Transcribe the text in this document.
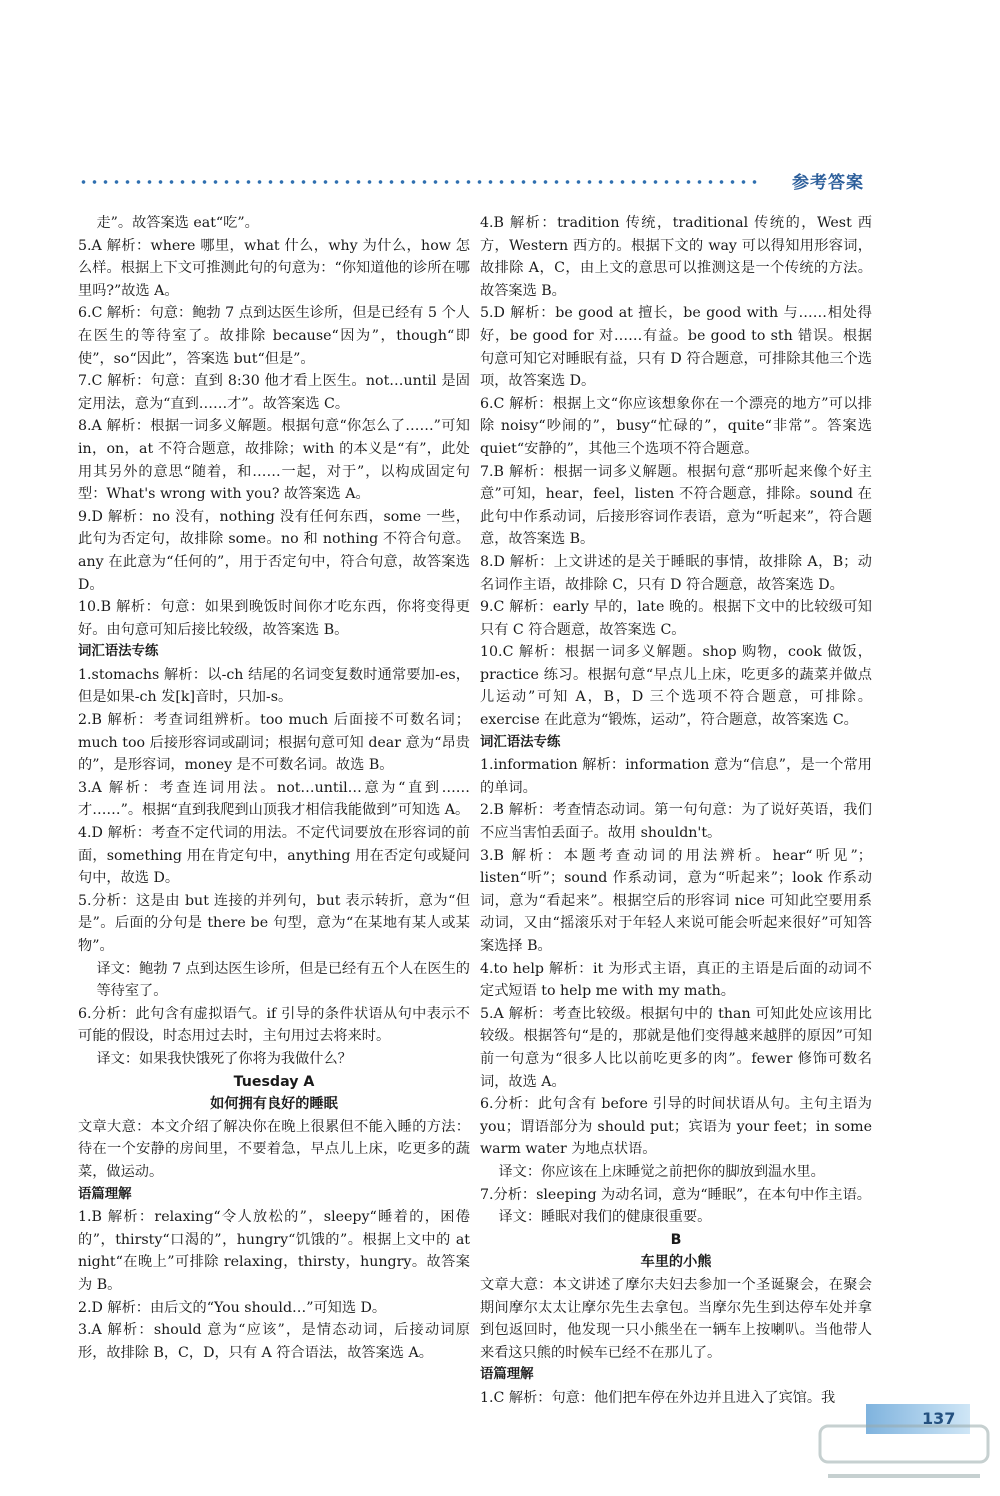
参考答案

走”。故答案选 eat“吃”。

5.A 解析：where 哪里，what 什么，why 为什么，how 怎么样。根据上下文可推测此句的句意为：“你知道他的诊所在哪里吗?”故选 A。

6.C 解析：句意：鲍勃 7 点到达医生诊所，但是已经有 5 个人在医生的等待室了。故排除 because“因为”，though“即使”，so“因此”，答案选 but“但是”。

7.C 解析：句意：直到 8:30 他才看上医生。not…until 是固定用法，意为“直到……才”。故答案选 C。

8.A 解析：根据一词多义解题。根据句意“你怎么了……”可知 in，on，at 不符合题意，故排除；with 的本义是“有”，此处用其另外的意思“随着，和……一起，对于”，以构成固定句型：What's wrong with you? 故答案选 A。

9.D 解析：no 没有，nothing 没有任何东西，some 一些，此句为否定句，故排除 some。no 和 nothing 不符合句意。any 在此意为“任何的”，用于否定句中，符合句意，故答案选 D。

10.B 解析：句意：如果到晚饭时间你才吃东西，你将变得更好。由句意可知后接比较级，故答案选 B。

词汇语法专练

1.stomachs 解析：以-ch 结尾的名词变复数时通常要加-es，但是如果-ch 发[k]音时，只加-s。

2.B 解析：考查词组辨析。too much 后面接不可数名词；much too 后接形容词或副词；根据句意可知 dear 意为“昂贵的”，是形容词，money 是不可数名词。故选 B。

3.A 解析：考查连词用法。not…until…意为“直到……才……”。根据“直到我爬到山顶我才相信我能做到”可知选 A。

4.D 解析：考查不定代词的用法。不定代词要放在形容词的前面，something 用在肯定句中，anything 用在否定句或疑问句中，故选 D。

5.分析：这是由 but 连接的并列句，but 表示转折，意为“但是”。后面的分句是 there be 句型，意为“在某地有某人或某物”。

译文：鲍勃 7 点到达医生诊所，但是已经有五个人在医生的等待室了。

6.分析：此句含有虚拟语气。if 引导的条件状语从句中表示不可能的假设，时态用过去时，主句用过去将来时。

译文：如果我快饿死了你将为我做什么？

Tuesday A

如何拥有良好的睡眠

文章大意：本文介绍了解决你在晚上很累但不能入睡的方法：待在一个安静的房间里，不要着急，早点儿上床，吃更多的蔬菜，做运动。

语篇理解

1.B 解析：relaxing“令人放松的”，sleepy“睡着的，困倦的”，thirsty“口渴的”，hungry“饥饿的”。根据上文中的 at night“在晚上”可排除 relaxing，thirsty，hungry。故答案为 B。

2.D 解析：由后文的“You should…”可知选 D。

3.A 解析：should 意为“应该”，是情态动词，后接动词原形，故排除 B，C，D，只有 A 符合语法，故答案选 A。

4.B 解析：tradition 传统，traditional 传统的，West 西方，Western 西方的。根据下文的 way 可以得知用形容词，故排除 A，C，由上文的意思可以推测这是一个传统的方法。故答案选 B。

5.D 解析：be good at 擅长，be good with 与……相处得好，be good for 对……有益。be good to sth 错误。根据句意可知它对睡眠有益，只有 D 符合题意，可排除其他三个选项，故答案选 D。

6.C 解析：根据上文“你应该想象你在一个漂亮的地方”可以排除 noisy“吵闹的”，busy“忙碌的”，quite“非常”。答案选 quiet“安静的”，其他三个选项不符合题意。

7.B 解析：根据一词多义解题。根据句意“那听起来像个好主意”可知，hear，feel，listen 不符合题意，排除。sound 在此句中作系动词，后接形容词作表语，意为“听起来”，符合题意，故答案选 B。

8.D 解析：上文讲述的是关于睡眠的事情，故排除 A，B；动名词作主语，故排除 C，只有 D 符合题意，故答案选 D。

9.C 解析：early 早的，late 晚的。根据下文中的比较级可知只有 C 符合题意，故答案选 C。

10.C 解析：根据一词多义解题。shop 购物，cook 做饭，practice 练习。根据句意“早点儿上床，吃更多的蔬菜并做点儿运动”可知 A，B，D 三个选项不符合题意，可排除。exercise 在此意为“锻炼，运动”，符合题意，故答案选 C。

词汇语法专练

1.information 解析：information 意为“信息”，是一个常用的单词。

2.B 解析：考查情态动词。第一句句意：为了说好英语，我们不应当害怕丢面子。故用 shouldn't。

3.B 解析：本题考查动词的用法辨析。hear“听见”；listen“听”；sound 作系动词，意为“听起来”；look 作系动词，意为“看起来”。根据空后的形容词 nice 可知此空要用系动词，又由“摇滚乐对于年轻人来说可能会听起来很好”可知答案选择 B。

4.to help 解析：it 为形式主语，真正的主语是后面的动词不定式短语 to help me with my math。

5.A 解析：考查比较级。根据句中的 than 可知此处应该用比较级。根据答句“是的，那就是他们变得越来越胖的原因”可知前一句意为“很多人比以前吃更多的肉”。fewer 修饰可数名词，故选 A。

6.分析：此句含有 before 引导的时间状语从句。主句主语为 you；谓语部分为 should put；宾语为 your feet；in some warm water 为地点状语。

译文：你应该在上床睡觉之前把你的脚放到温水里。

7.分析：sleeping 为动名词，意为“睡眠”，在本句中作主语。

译文：睡眠对我们的健康很重要。

B

车里的小熊

文章大意：本文讲述了摩尔夫妇去参加一个圣诞聚会，在聚会期间摩尔太太让摩尔先生去拿包。当摩尔先生到达停车处并拿到包返回时，他发现一只小熊坐在一辆车上按喇叭。当他带人来看这只熊的时候车已经不在那儿了。

语篇理解

1.C 解析：句意：他们把车停在外边并且进入了宾馆。我

137
